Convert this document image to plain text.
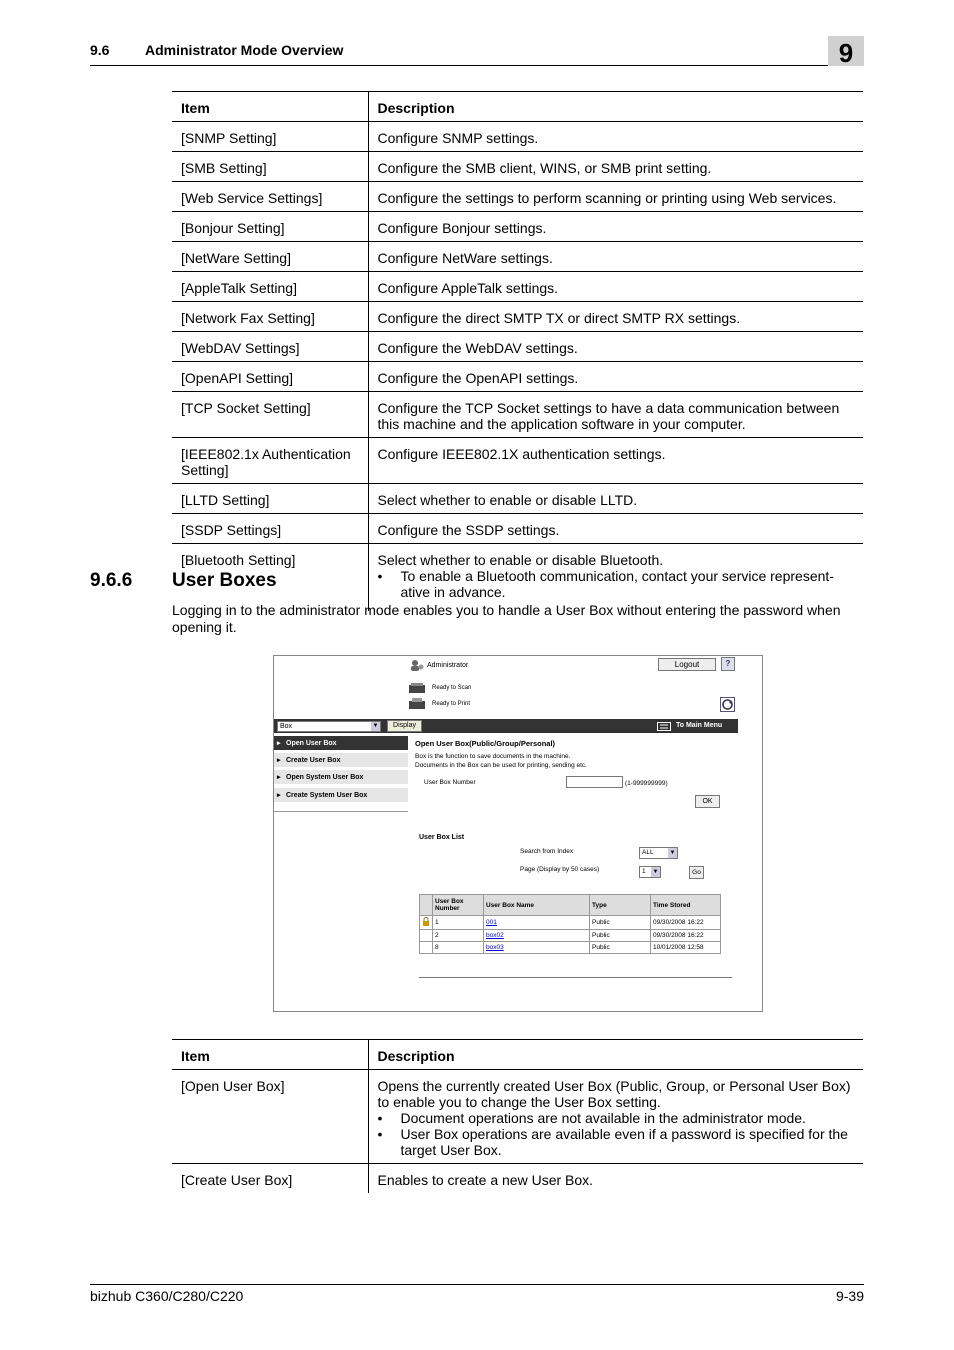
9.6	Administrator Mode Overview	9
Item	Description
[SNMP Setting]	Configure SNMP settings.
[SMB Setting]	Configure the SMB client, WINS, or SMB print setting.
[Web Service Settings]	Configure the settings to perform scanning or printing using Web services.
[Bonjour Setting]	Configure Bonjour settings.
[NetWare Setting]	Configure NetWare settings.
[AppleTalk Setting]	Configure AppleTalk settings.
[Network Fax Setting]	Configure the direct SMTP TX or direct SMTP RX settings.
[WebDAV Settings]	Configure the WebDAV settings.
[OpenAPI Setting]	Configure the OpenAPI settings.
[TCP Socket Setting]	Configure the TCP Socket settings to have a data communication between this machine and the application software in your computer.
[IEEE802.1x Authentication Setting]	Configure IEEE802.1X authentication settings.
[LLTD Setting]	Select whether to enable or disable LLTD.
[SSDP Settings]	Configure the SSDP settings.
[Bluetooth Setting]	Select whether to enable or disable Bluetooth.
• To enable a Bluetooth communication, contact your service represent-ative in advance.
9.6.6 User Boxes
Logging in to the administrator mode enables you to handle a User Box without entering the password when opening it.
Administrator	Logout	?
Ready to Scan
Ready to Print
Box	▼	Display	To Main Menu
▸ Open User Box
▸ Create User Box
▸ Open System User Box
▸ Create System User Box
Open User Box(Public/Group/Personal)
Box is the function to save documents in the machine.
Documents in the Box can be used for printing, sending etc.
User Box Number	(1-999999999)
OK
User Box List
Search from Index	ALL	▼
Page (Display by 50 cases)	1 ▼	Go
	User Box Number	User Box Name	Type	Time Stored
	1	001	Public	09/30/2008 16:22
	2	box02	Public	09/30/2008 16:22
	8	box03	Public	10/01/2008 12:58
Item	Description
[Open User Box]	Opens the currently created User Box (Public, Group, or Personal User Box) to enable you to change the User Box setting.
• Document operations are not available in the administrator mode.
• User Box operations are available even if a password is specified for the target User Box.

[Create User Box]	Enables to create a new User Box.
bizhub C360/C280/C220	9-39
